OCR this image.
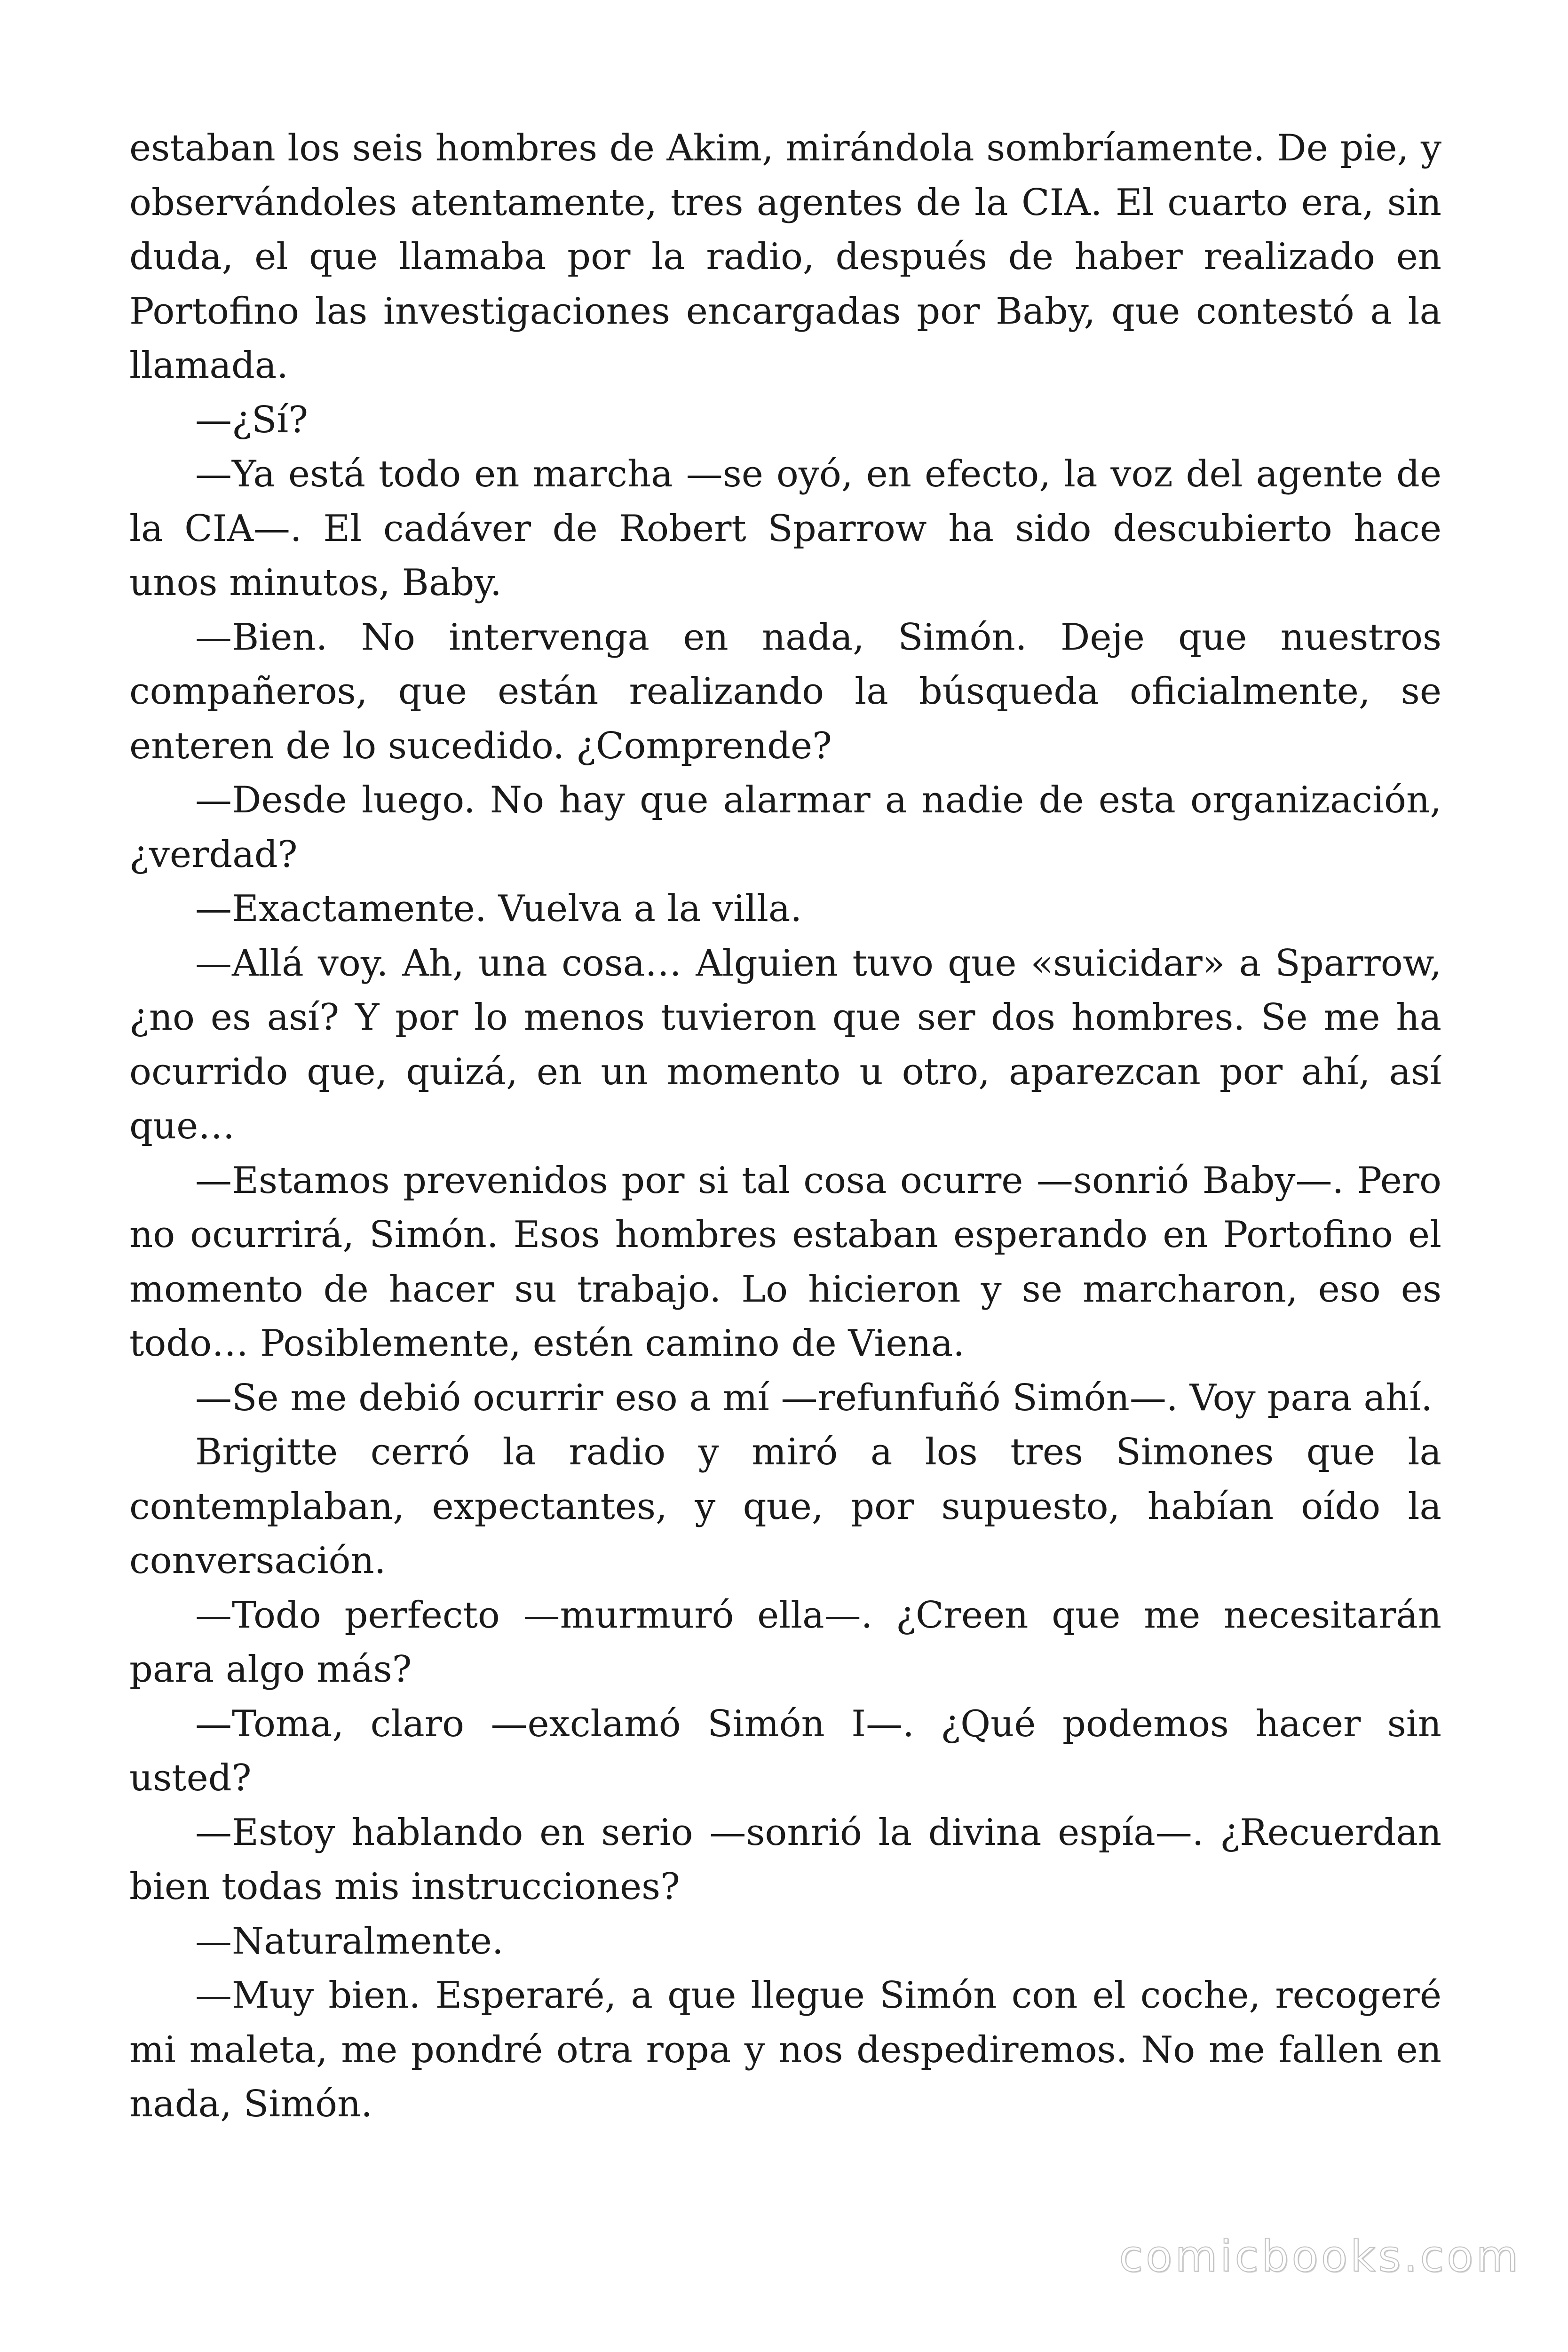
estaban los seis hombres de Akim, mirándola sombríamente. De pie, y observándoles atentamente, tres agentes de la CIA. El cuarto era, sin duda, el que llamaba por la radio, después de haber realizado en Portofino las investigaciones encargadas por Baby, que contestó a la llamada.

—¿Sí?

—Ya está todo en marcha —se oyó, en efecto, la voz del agente de la CIA—. El cadáver de Robert Sparrow ha sido descubierto hace unos minutos, Baby.

—Bien. No intervenga en nada, Simón. Deje que nuestros compañeros, que están realizando la búsqueda oficialmente, se enteren de lo sucedido. ¿Comprende?

—Desde luego. No hay que alarmar a nadie de esta organización, ¿verdad?

—Exactamente. Vuelva a la villa.

—Allá voy. Ah, una cosa… Alguien tuvo que «suicidar» a Sparrow, ¿no es así? Y por lo menos tuvieron que ser dos hombres. Se me ha ocurrido que, quizá, en un momento u otro, aparezcan por ahí, así que…

—Estamos prevenidos por si tal cosa ocurre —sonrió Baby—. Pero no ocurrirá, Simón. Esos hombres estaban esperando en Portofino el momento de hacer su trabajo. Lo hicieron y se marcharon, eso es todo… Posiblemente, estén camino de Viena.

—Se me debió ocurrir eso a mí —refunfuñó Simón—. Voy para ahí.

Brigitte cerró la radio y miró a los tres Simones que la contemplaban, expectantes, y que, por supuesto, habían oído la conversación.

—Todo perfecto —murmuró ella—. ¿Creen que me necesitarán para algo más?

—Toma, claro —exclamó Simón I—. ¿Qué podemos hacer sin usted?

—Estoy hablando en serio —sonrió la divina espía—. ¿Recuerdan bien todas mis instrucciones?

—Naturalmente.

—Muy bien. Esperaré, a que llegue Simón con el coche, recogeré mi maleta, me pondré otra ropa y nos despediremos. No me fallen en nada, Simón.

comicbooks.com
